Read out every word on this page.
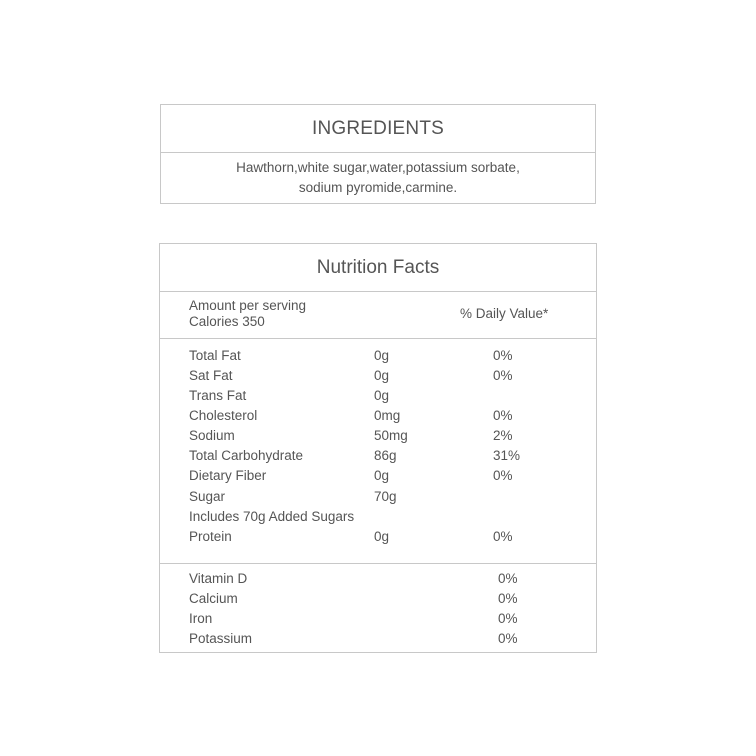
INGREDIENTS
Hawthorn,white sugar,water,potassium sorbate,
sodium pyromide,carmine.
Nutrition Facts
Amount per serving
Calories 350
% Daily Value*
Total Fat	0g	0%
Sat Fat	0g	0%
Trans Fat	0g
Cholesterol	0mg	0%
Sodium	50mg	2%
Total Carbohydrate	86g	31%
Dietary Fiber	0g	0%
Sugar	70g
Includes 70g Added Sugars
Protein	0g	0%
Vitamin D	0%
Calcium	0%
Iron	0%
Potassium	0%
